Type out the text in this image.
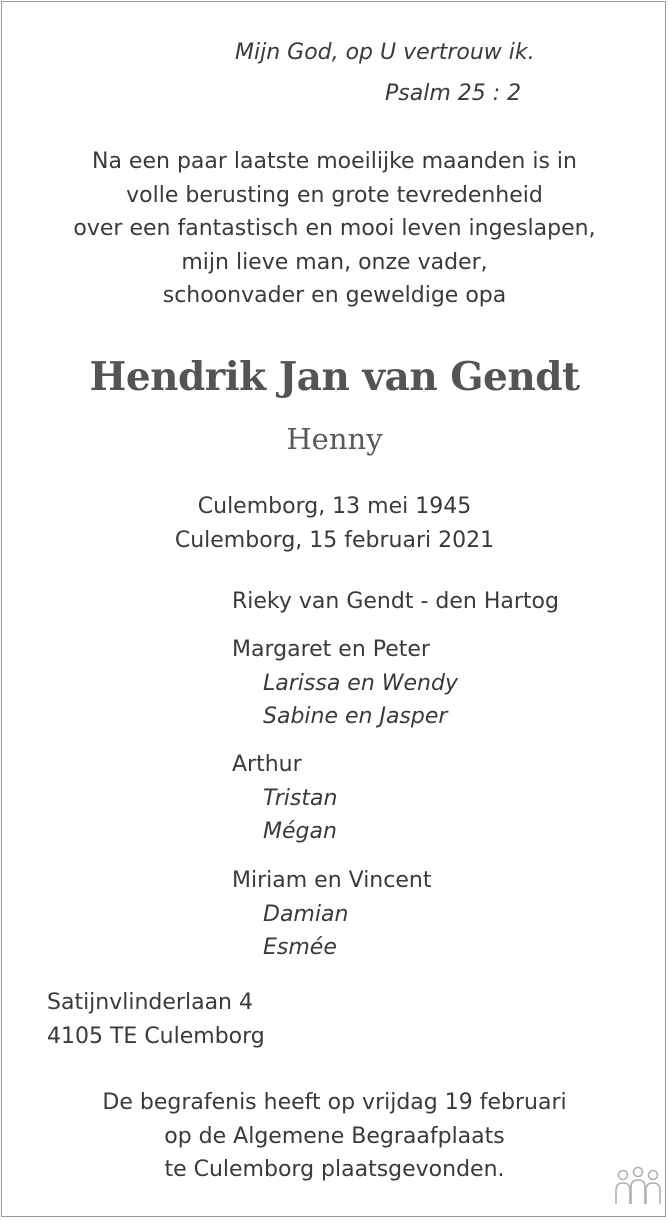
Mijn God, op U vertrouw ik.
Psalm 25 : 2
Na een paar laatste moeilijke maanden is in
volle berusting en grote tevredenheid
over een fantastisch en mooi leven ingeslapen,
mijn lieve man, onze vader,
schoonvader en geweldige opa
Hendrik Jan van Gendt
Henny
Culemborg, 13 mei 1945
Culemborg, 15 februari 2021
Rieky van Gendt - den Hartog
Margaret en Peter
Larissa en Wendy
Sabine en Jasper
Arthur
Tristan
Mégan
Miriam en Vincent
Damian
Esmée
Satijnvlinderlaan 4
4105 TE Culemborg
De begrafenis heeft op vrijdag 19 februari
op de Algemene Begraafplaats
te Culemborg plaatsgevonden.
